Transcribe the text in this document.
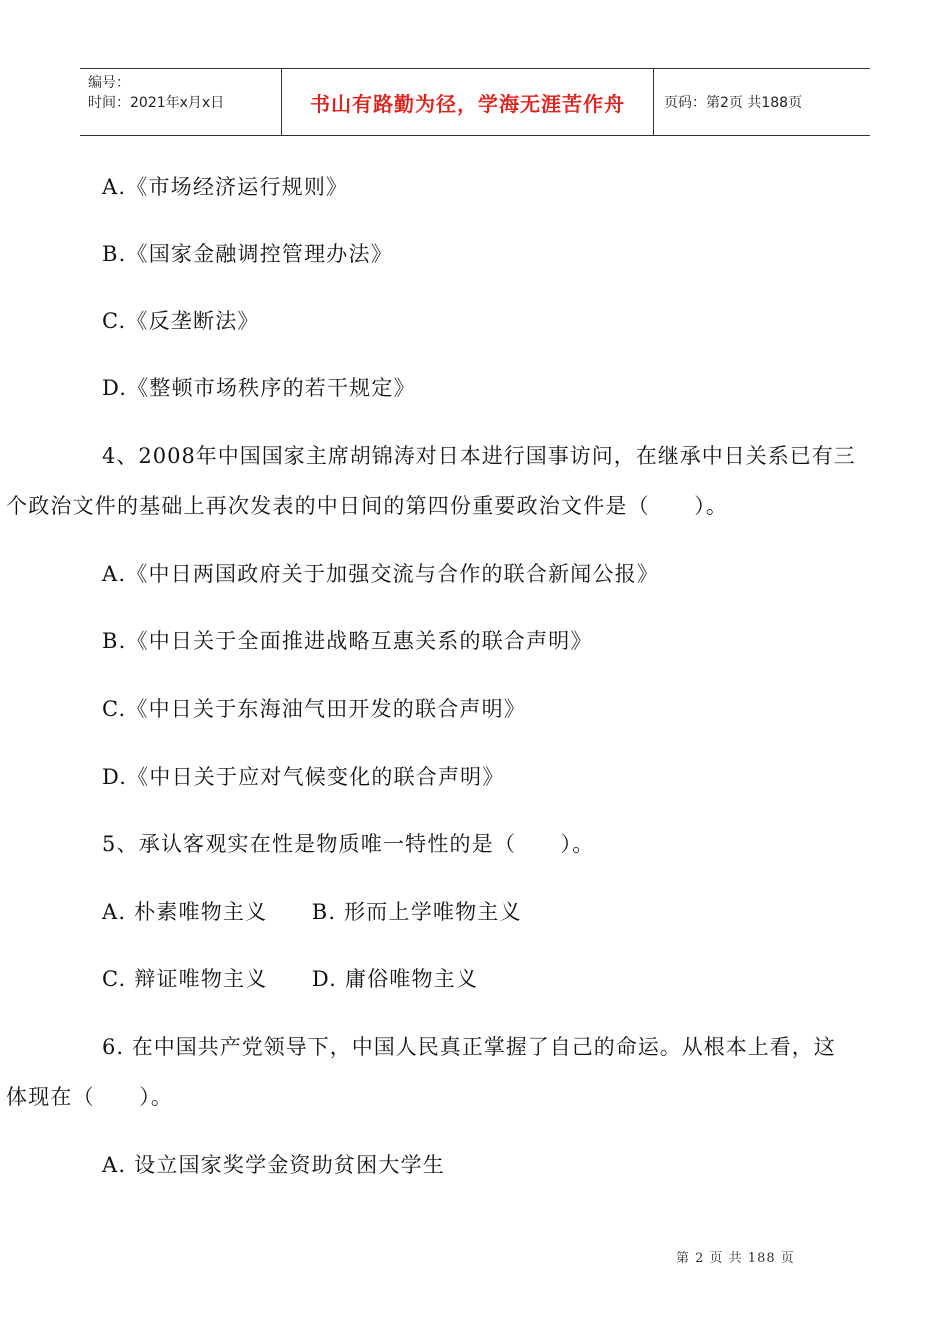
编号：
时间：2021年x月x日	书山有路勤为径，学海无涯苦作舟	页码：第2页 共188页
A.《市场经济运行规则》
B.《国家金融调控管理办法》
C.《反垄断法》
D.《整顿市场秩序的若干规定》
4、2008年中国国家主席胡锦涛对日本进行国事访问，在继承中日关系已有三
个政治文件的基础上再次发表的中日间的第四份重要政治文件是（　　）。
A.《中日两国政府关于加强交流与合作的联合新闻公报》
B.《中日关于全面推进战略互惠关系的联合声明》
C.《中日关于东海油气田开发的联合声明》
D.《中日关于应对气候变化的联合声明》
5、承认客观实在性是物质唯一特性的是（　　）。
A. 朴素唯物主义　　B. 形而上学唯物主义
C. 辩证唯物主义　　D. 庸俗唯物主义
6. 在中国共产党领导下，中国人民真正掌握了自己的命运。从根本上看，这
体现在（　　）。
A. 设立国家奖学金资助贫困大学生
第 2 页 共 188 页
